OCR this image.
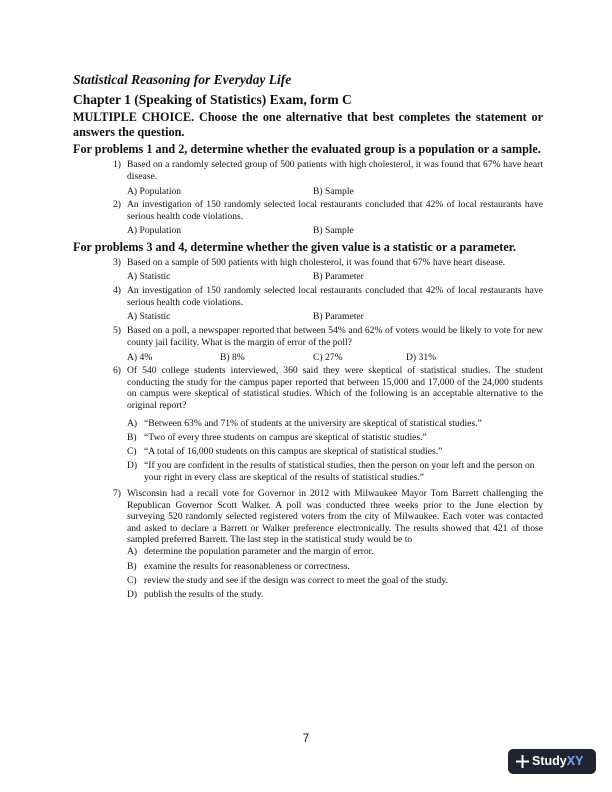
Statistical Reasoning for Everyday Life
Chapter 1 (Speaking of Statistics) Exam, form C
MULTIPLE CHOICE. Choose the one alternative that best completes the statement or answers the question.
For problems 1 and 2, determine whether the evaluated group is a population or a sample.
1) Based on a randomly selected group of 500 patients with high cholesterol, it was found that 67% have heart disease.
A) Population	B) Sample
2) An investigation of 150 randomly selected local restaurants concluded that 42% of local restaurants have serious health code violations.
A) Population	B) Sample
For problems 3 and 4, determine whether the given value is a statistic or a parameter.
3) Based on a sample of 500 patients with high cholesterol, it was found that 67% have heart disease.
A) Statistic	B) Parameter
4) An investigation of 150 randomly selected local restaurants concluded that 42% of local restaurants have serious health code violations.
A) Statistic	B) Parameter
5) Based on a poll, a newspaper reported that between 54% and 62% of voters would be likely to vote for new county jail facility. What is the margin of error of the poll?
A) 4%	B) 8%	C) 27%	D) 31%
6) Of 540 college students interviewed, 360 said they were skeptical of statistical studies. The student conducting the study for the campus paper reported that between 15,000 and 17,000 of the 24,000 students on campus were skeptical of statistical studies. Which of the following is an acceptable alternative to the original report?
A) “Between 63% and 71% of students at the university are skeptical of statistical studies.”
B) “Two of every three students on campus are skeptical of statistic studies.”
C) “A total of 16,000 students on this campus are skeptical of statistical studies.”
D) “If you are confident in the results of statistical studies, then the person on your left and the person on your right in every class are skeptical of the results of statistical studies.”
7) Wisconsin had a recall vote for Governor in 2012 with Milwaukee Mayor Tom Barrett challenging the Republican Governor Scott Walker. A poll was conducted three weeks prior to the June election by surveying 520 randomly selected registered voters from the city of Milwaukee. Each voter was contacted and asked to declare a Barrett or Walker preference electronically. The results showed that 421 of those sampled preferred Barrett. The last step in the statistical study would be to
A) determine the population parameter and the margin of error.
B) examine the results for reasonableness or correctness.
C) review the study and see if the design was correct to meet the goal of the study.
D) publish the results of the study.
7
StudyXY
